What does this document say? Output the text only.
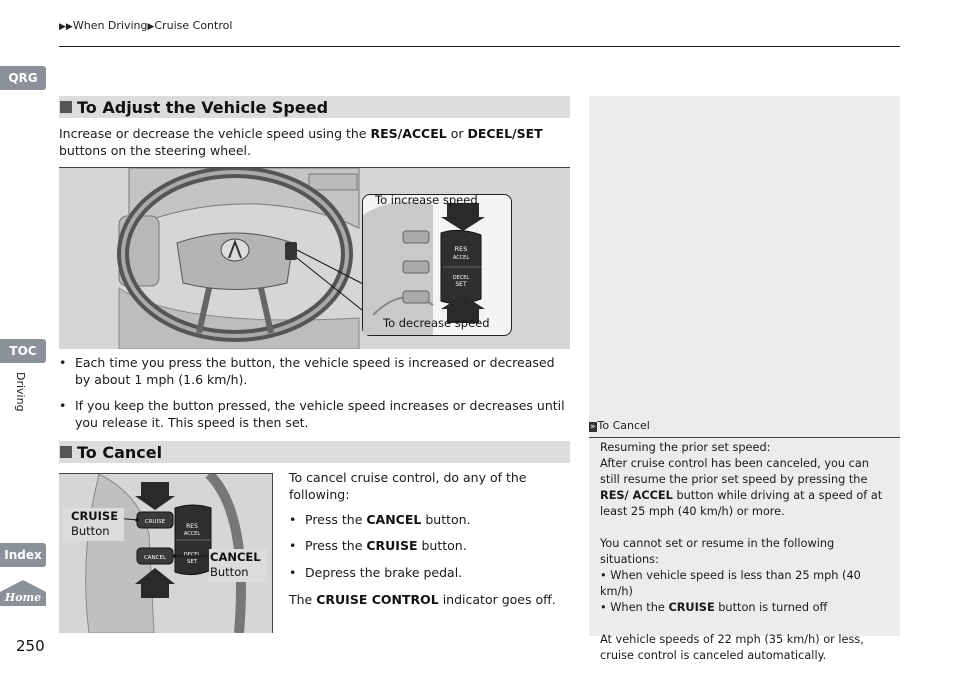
▶▶When Driving▶Cruise Control
QRG
TOC
Driving
Index
Home
250
To Adjust the Vehicle Speed
Increase or decrease the vehicle speed using the RES/ACCEL or DECEL/SET buttons on the steering wheel.
RES
ACCEL
DECEL
SET
To increase speed
To decrease speed
• Each time you press the button, the vehicle speed is increased or decreased by about 1 mph (1.6 km/h).
• If you keep the button pressed, the vehicle speed increases or decreases until you release it. This speed is then set.
To Cancel
CRUISE
CANCEL
RES
ACCEL
DECEL
SET
CRUISE
Button
CANCEL
Button
To cancel cruise control, do any of the following:
• Press the CANCEL button.
• Press the CRUISE button.
• Depress the brake pedal.
The CRUISE CONTROL indicator goes off.
» To Cancel

Resuming the prior set speed:

After cruise control has been canceled, you can still resume the prior set speed by pressing the RES/ ACCEL button while driving at a speed of at least 25 mph (40 km/h) or more.

You cannot set or resume in the following situations:

• When vehicle speed is less than 25 mph (40 km/h)

• When the CRUISE button is turned off

At vehicle speeds of 22 mph (35 km/h) or less, cruise control is canceled automatically.
